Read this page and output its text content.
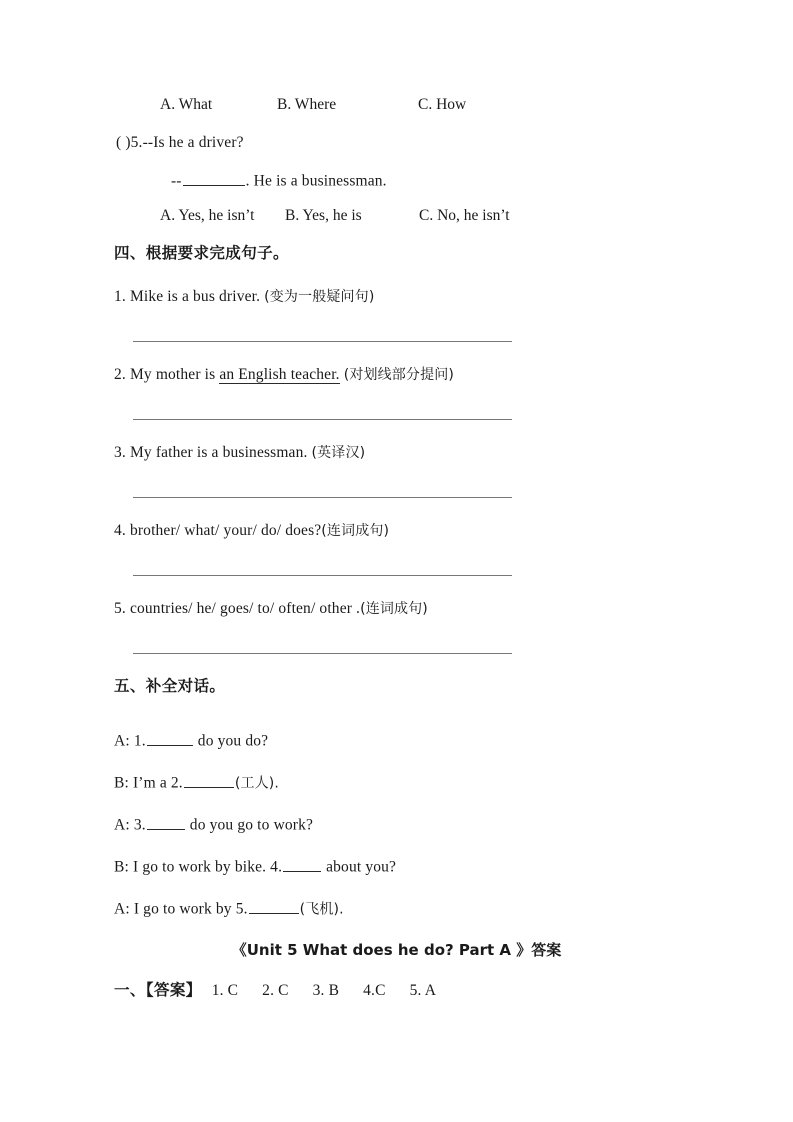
A. What	B. Where	C. How
( )5.--Is he a driver?
--	. He is a businessman.
A. Yes, he isn’t B. Yes, he is	C. No, he isn’t
四、根据要求完成句子。
1. Mike is a bus driver. (变为一般疑问句)
2. My mother is an English teacher. (对划线部分提问)
3. My father is a businessman. (英译汉)
4. brother/ what/ your/ do/ does?(连词成句)
5. countries/ he/ goes/ to/ often/ other .(连词成句)
五、补全对话。
A: 1.	do you do?
B: I’m a 2.	(工人).
A: 3.	do you go to work?
B: I go to work by bike. 4.	about you?
A: I go to work by 5.	(飞机).
《Unit 5 What does he do? Part A 》答案
一、【答案】 1. C 2. C 3. B 4.C 5. A
